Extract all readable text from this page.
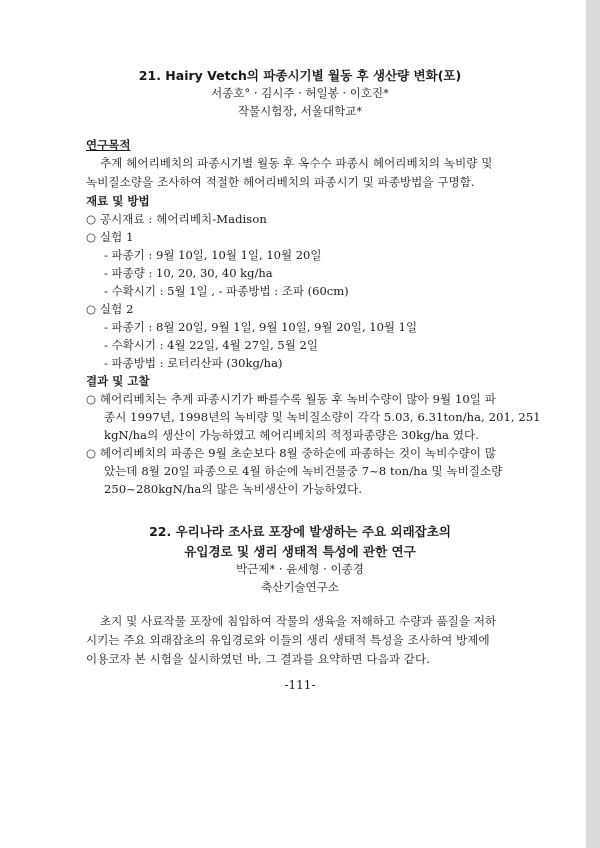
21. Hairy Vetch의 파종시기별 월동 후 생산량 변화(포)
서종호° · 김시주 · 허일봉 · 이호진*
작물시험장, 서울대학교*
연구목적
추계 헤어리베치의 파종시기별 월동 후 옥수수 파종시 헤어리베치의 녹비량 및
녹비질소량을 조사하여 적절한 헤어리베치의 파종시기 및 파종방법을 구명함.
재료 및 방법
○ 공시재료 : 헤어리베치-Madison
○ 실험 1
- 파종기 : 9월 10일, 10월 1일, 10월 20일
- 파종량 : 10, 20, 30, 40 kg/ha
- 수확시기 : 5월 1일 , - 파종방법 : 조파 (60cm)
○ 실험 2
- 파종기 : 8월 20일, 9월 1일, 9월 10일, 9월 20일, 10월 1일
- 수확시기 : 4월 22일, 4월 27일, 5월 2일
- 파종방법 : 로터리산파 (30kg/ha)
결과 및 고찰
○ 헤어리베치는 추계 파종시기가 빠를수록 월동 후 녹비수량이 많아 9월 10일 파
종시 1997년, 1998년의 녹비량 및 녹비질소량이 각각 5.03, 6.31ton/ha, 201, 251
kgN/ha의 생산이 가능하였고 헤어리베치의 적정파종량은 30kg/ha 였다.
○ 헤어리베치의 파종은 9월 초순보다 8월 중하순에 파종하는 것이 녹비수량이 많
았는데 8월 20일 파종으로 4월 하순에 녹비건물중 7~8 ton/ha 및 녹비질소량
250~280kgN/ha의 많은 녹비생산이 가능하였다.
22. 우리나라 조사료 포장에 발생하는 주요 외래잡초의
유입경로 및 생리 생태적 특성에 관한 연구
박근제* · 윤세형 · 이종경
축산기술연구소
초지 및 사료작물 포장에 침입하여 작물의 생육을 저해하고 수량과 품질을 저하
시키는 주요 외래잡초의 유입경로와 이들의 생리 생태적 특성을 조사하여 방제에
이용코자 본 시험을 실시하였던 바, 그 결과를 요약하면 다음과 같다.
-111-
